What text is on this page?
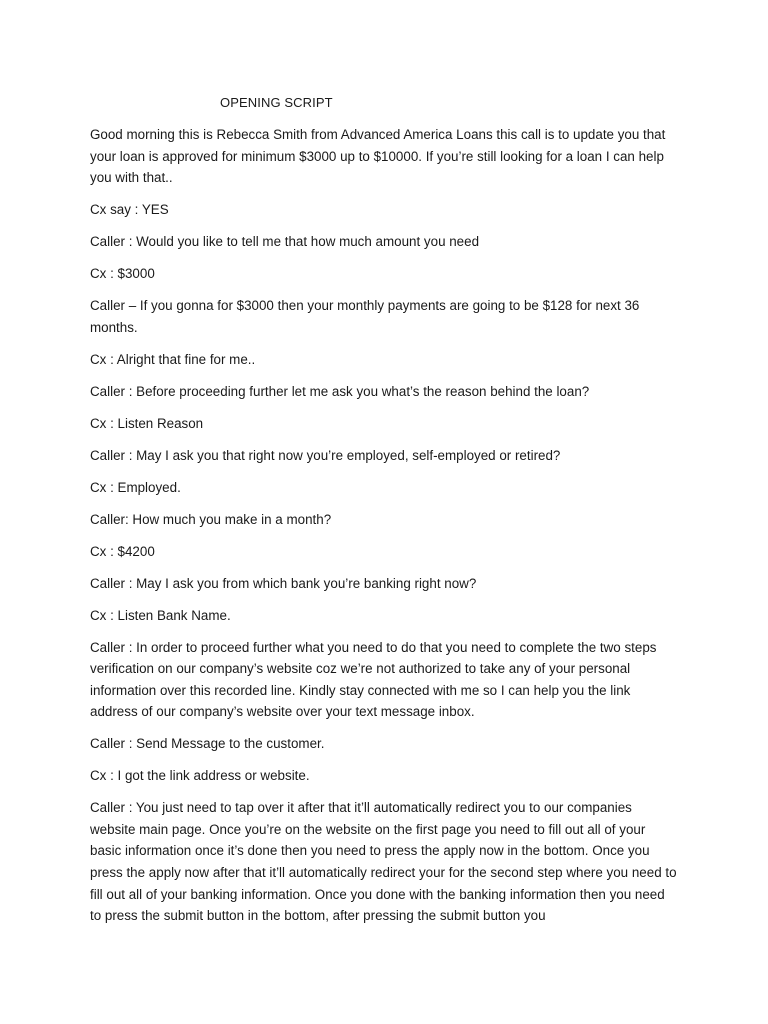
OPENING SCRIPT

Good morning this is Rebecca Smith from Advanced America Loans this call is to update you that your loan is approved for minimum $3000 up to $10000. If you’re still looking for a loan I can help you with that..

Cx say : YES

Caller : Would you like to tell me that how much amount you need

Cx : $3000

Caller – If you gonna for $3000 then your monthly payments are going to be $128 for next 36 months.

Cx : Alright that fine for me..

Caller : Before proceeding further let me ask you what’s the reason behind the loan?

Cx : Listen Reason

Caller : May I ask you that right now you’re employed, self-employed or retired?

Cx : Employed.

Caller: How much you make in a month?

Cx : $4200

Caller : May I ask you from which bank you’re banking right now?

Cx : Listen Bank Name.

Caller : In order to proceed further what you need to do that you need to complete the two steps verification on our company’s website coz we’re not authorized to take any of your personal information over this recorded line. Kindly stay connected with me so I can help you the link address of our company’s website over your text message inbox.

Caller : Send Message to the customer.

Cx : I got the link address or website.

Caller : You just need to tap over it after that it’ll automatically redirect you to our companies website main page. Once you’re on the website on the first page you need to fill out all of your basic information once it’s done then you need to press the apply now in the bottom. Once you press the apply now after that it’ll automatically redirect your for the second step where you need to fill out all of your banking information. Once you done with the banking information then you need to press the submit button in the bottom, after pressing the submit button you
